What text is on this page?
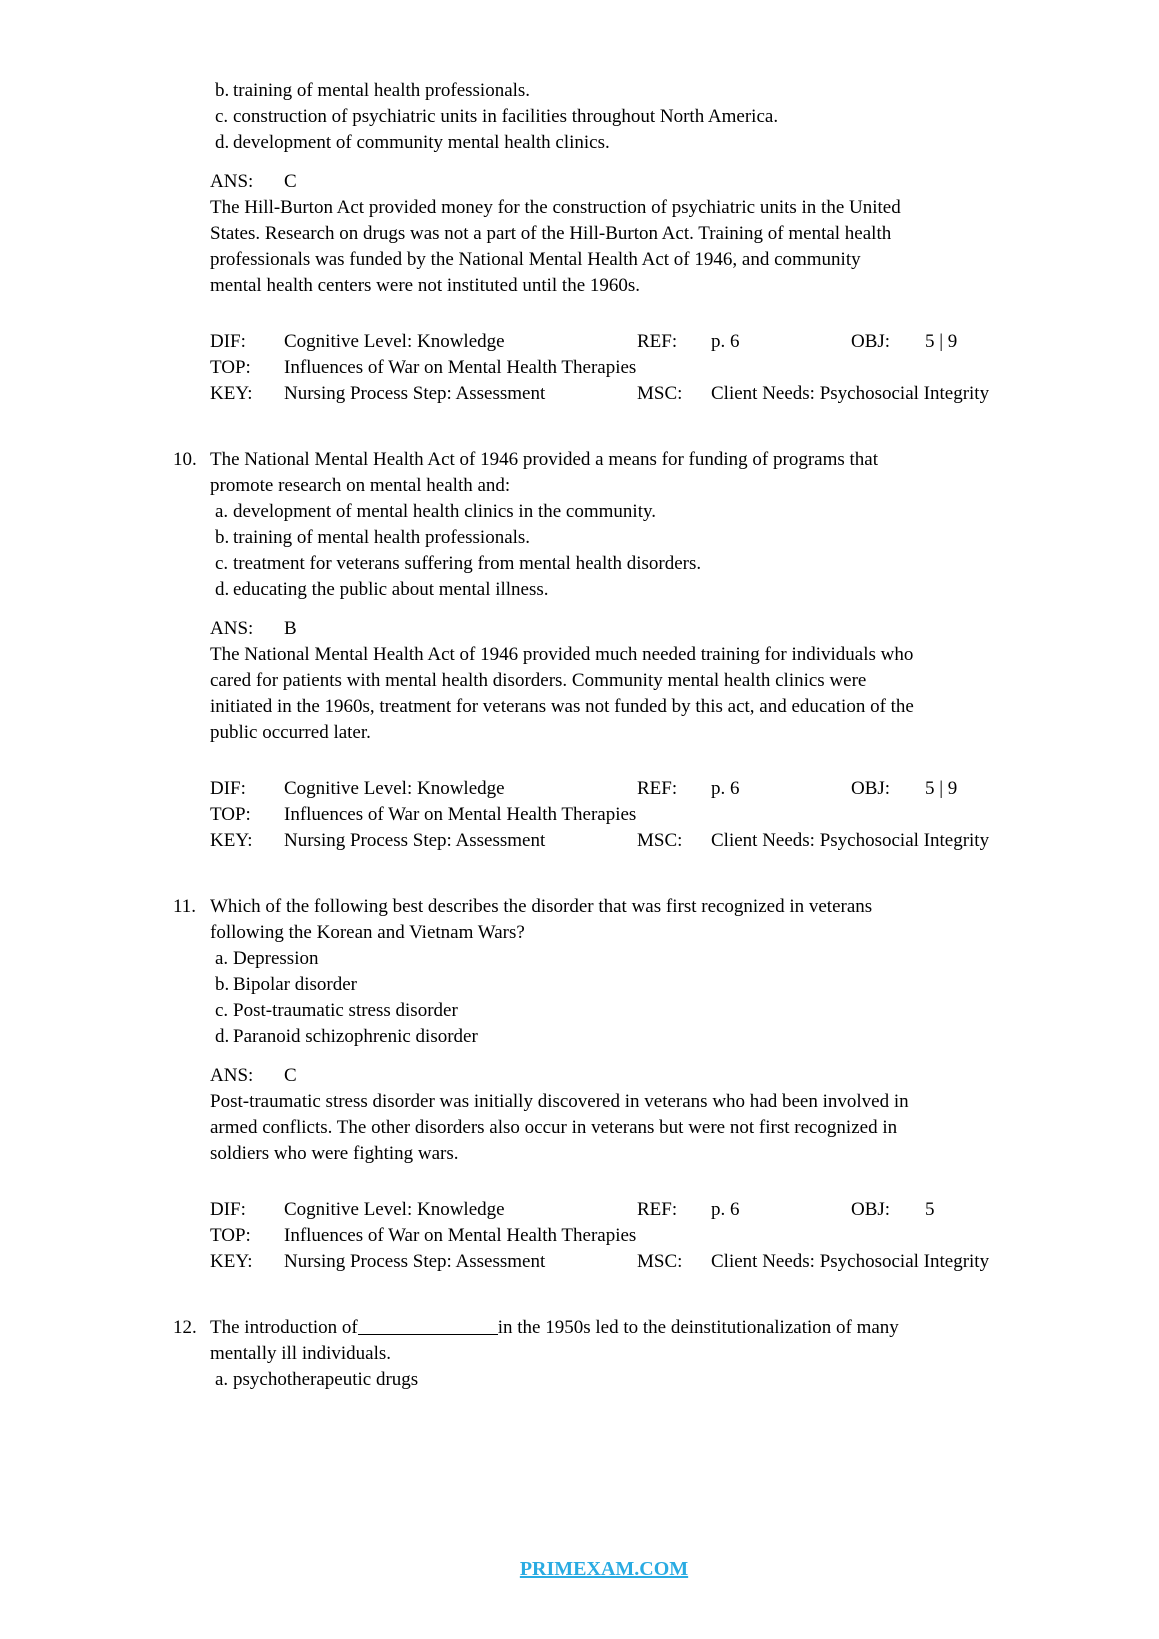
b. training of mental health professionals.
c. construction of psychiatric units in facilities throughout North America.
d. development of community mental health clinics.
ANS: C
The Hill-Burton Act provided money for the construction of psychiatric units in the United
States. Research on drugs was not a part of the Hill-Burton Act. Training of mental health
professionals was funded by the National Mental Health Act of 1946, and community
mental health centers were not instituted until the 1960s.
DIF: Cognitive Level: Knowledge	REF: p. 6	OBJ: 5 | 9
TOP: Influences of War on Mental Health Therapies
KEY: Nursing Process Step: Assessment	MSC: Client Needs: Psychosocial Integrity
10. The National Mental Health Act of 1946 provided a means for funding of programs that
promote research on mental health and:
a. development of mental health clinics in the community.
b. training of mental health professionals.
c. treatment for veterans suffering from mental health disorders.
d. educating the public about mental illness.
ANS: B
The National Mental Health Act of 1946 provided much needed training for individuals who
cared for patients with mental health disorders. Community mental health clinics were
initiated in the 1960s, treatment for veterans was not funded by this act, and education of the
public occurred later.
DIF: Cognitive Level: Knowledge	REF: p. 6	OBJ: 5 | 9
TOP: Influences of War on Mental Health Therapies
KEY: Nursing Process Step: Assessment	MSC: Client Needs: Psychosocial Integrity
11. Which of the following best describes the disorder that was first recognized in veterans
following the Korean and Vietnam Wars?
a. Depression
b. Bipolar disorder
c. Post-traumatic stress disorder
d. Paranoid schizophrenic disorder
ANS: C
Post-traumatic stress disorder was initially discovered in veterans who had been involved in
armed conflicts. The other disorders also occur in veterans but were not first recognized in
soldiers who were fighting wars.
DIF: Cognitive Level: Knowledge	REF: p. 6	OBJ: 5
TOP: Influences of War on Mental Health Therapies
KEY: Nursing Process Step: Assessment	MSC: Client Needs: Psychosocial Integrity
12. The introduction of	in the 1950s led to the deinstitutionalization of many
mentally ill individuals.
a. psychotherapeutic drugs
PRIMEXAM.COM
